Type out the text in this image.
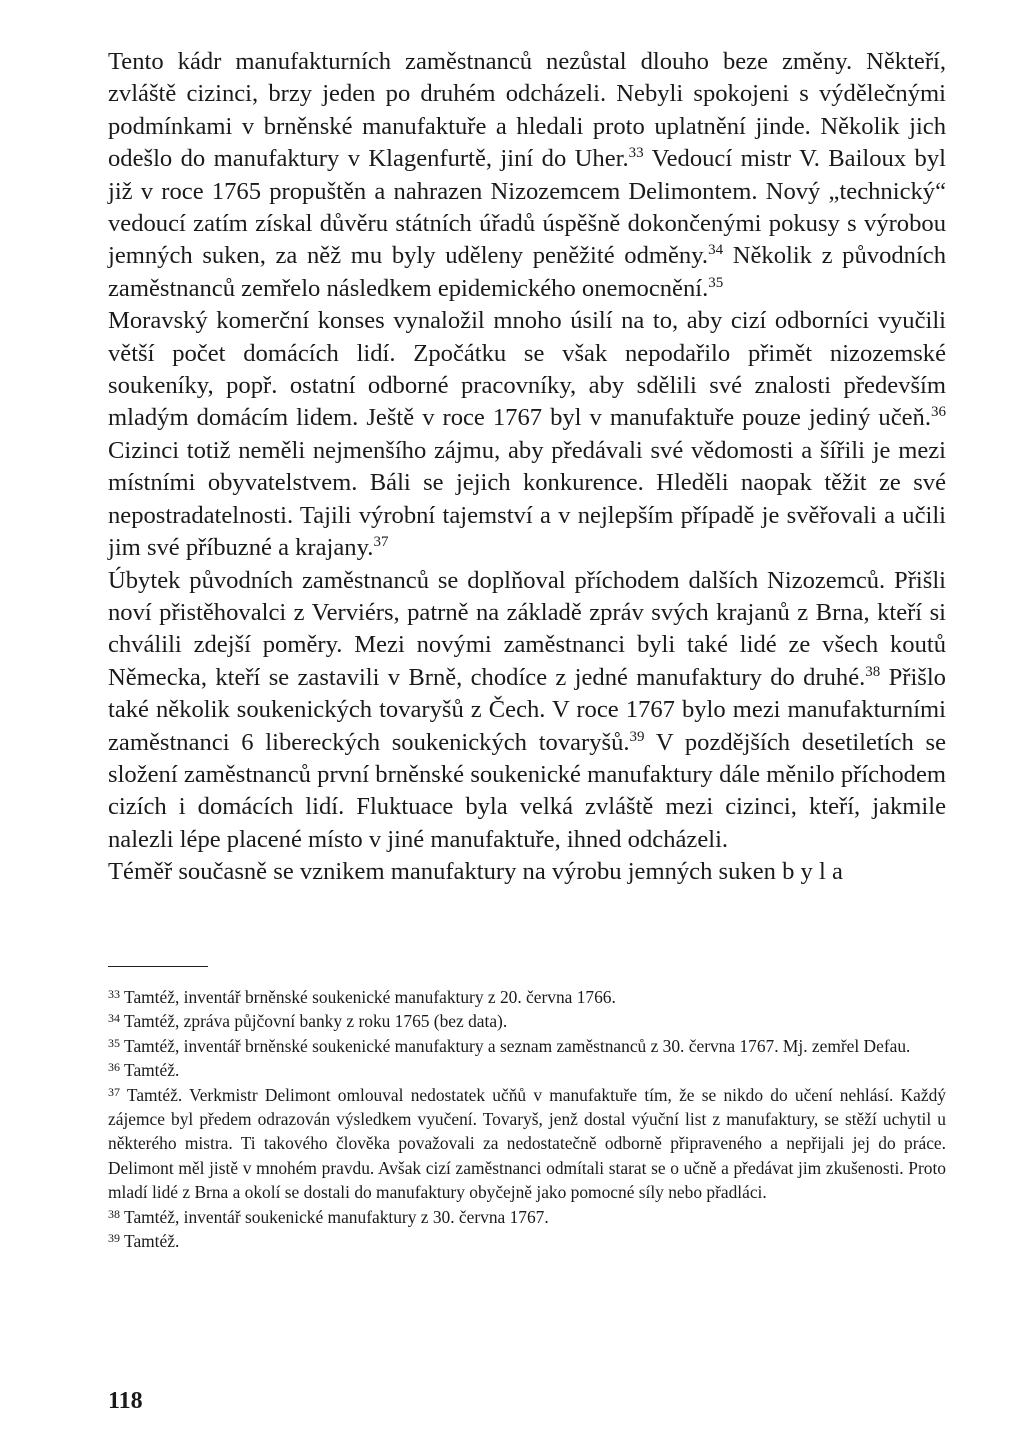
Tento kádr manufakturních zaměstnanců nezůstal dlouho beze změny. Někteří, zvláště cizinci, brzy jeden po druhém odcházeli. Nebyli spokojeni s výdělečnými podmínkami v brněnské manufaktuře a hledali proto uplatnění jinde. Několik jich odešlo do manufaktury v Klagenfurtě, jiní do Uher.$^{33}$ Vedoucí mistr V. Bailoux byl již v roce 1765 propuštěn a nahrazen Nizozemcem Delimontem. Nový „technický“ vedoucí zatím získal důvěru státních úřadů úspěšně dokončenými pokusy s výrobou jemných suken, za něž mu byly uděleny peněžité odměny.$^{34}$ Několik z původních zaměstnanců zemřelo následkem epidemického onemocnění.$^{35}$

Moravský komerční konses vynaložil mnoho úsilí na to, aby cizí odborníci vyučili větší počet domácích lidí. Zpočátku se však nepodařilo přimět nizozemské soukeníky, popř. ostatní odborné pracovníky, aby sdělili své znalosti především mladým domácím lidem. Ještě v roce 1767 byl v manufaktuře pouze jediný učeň.$^{36}$ Cizinci totiž neměli nejmenšího zájmu, aby předávali své vědomosti a šířili je mezi místními obyvatelstvem. Báli se jejich konkurence. Hleděli naopak těžit ze své nepostradatelnosti. Tajili výrobní tajemství a v nejlepším případě je svěřovali a učili jim své příbuzné a krajany.$^{37}$

Úbytek původních zaměstnanců se doplňoval příchodem dalších Nizozemců. Přišli noví přistěhovalci z Verviérs, patrně na základě zpráv svých krajanů z Brna, kteří si chválili zdejší poměry. Mezi novými zaměstnanci byli také lidé ze všech koutů Německa, kteří se zastavili v Brně, chodíce z jedné manufaktury do druhé.$^{38}$ Přišlo také několik soukenických tovaryšů z Čech. V roce 1767 bylo mezi manufakturními zaměstnanci 6 libereckých soukenických tovaryšů.$^{39}$ V pozdějších desetiletích se složení zaměstnanců první brněnské soukenické manufaktury dále měnilo příchodem cizích i domácích lidí. Fluktuace byla velká zvláště mezi cizinci, kteří, jakmile nalezli lépe placené místo v jiné manufaktuře, ihned odcházeli.

Téměř současně se vznikem manufaktury na výrobu jemných suken b y l a

$^{33}$ Tamtéž, inventář brněnské soukenické manufaktury z 20. června 1766.

$^{34}$ Tamtéž, zpráva půjčovní banky z roku 1765 (bez data).

$^{35}$ Tamtéž, inventář brněnské soukenické manufaktury a seznam zaměstnanců z 30. června 1767. Mj. zemřel Defau.

$^{36}$ Tamtéž.

$^{37}$ Tamtéž. Verkmistr Delimont omlouval nedostatek učňů v manufaktuře tím, že se nikdo do učení nehlásí. Každý zájemce byl předem odrazován výsledkem vyučení. Tovaryš, jenž dostal výuční list z manufaktury, se stěží uchytil u některého mistra. Ti takového člověka považovali za nedostatečně odborně připraveného a nepřijali jej do práce. Delimont měl jistě v mnohém pravdu. Avšak cizí zaměstnanci odmítali starat se o učně a předávat jim zkušenosti. Proto mladí lidé z Brna a okolí se dostali do manufaktury obyčejně jako pomocné síly nebo přadláci.

$^{38}$ Tamtéž, inventář soukenické manufaktury z 30. června 1767.

$^{39}$ Tamtéž.

118
